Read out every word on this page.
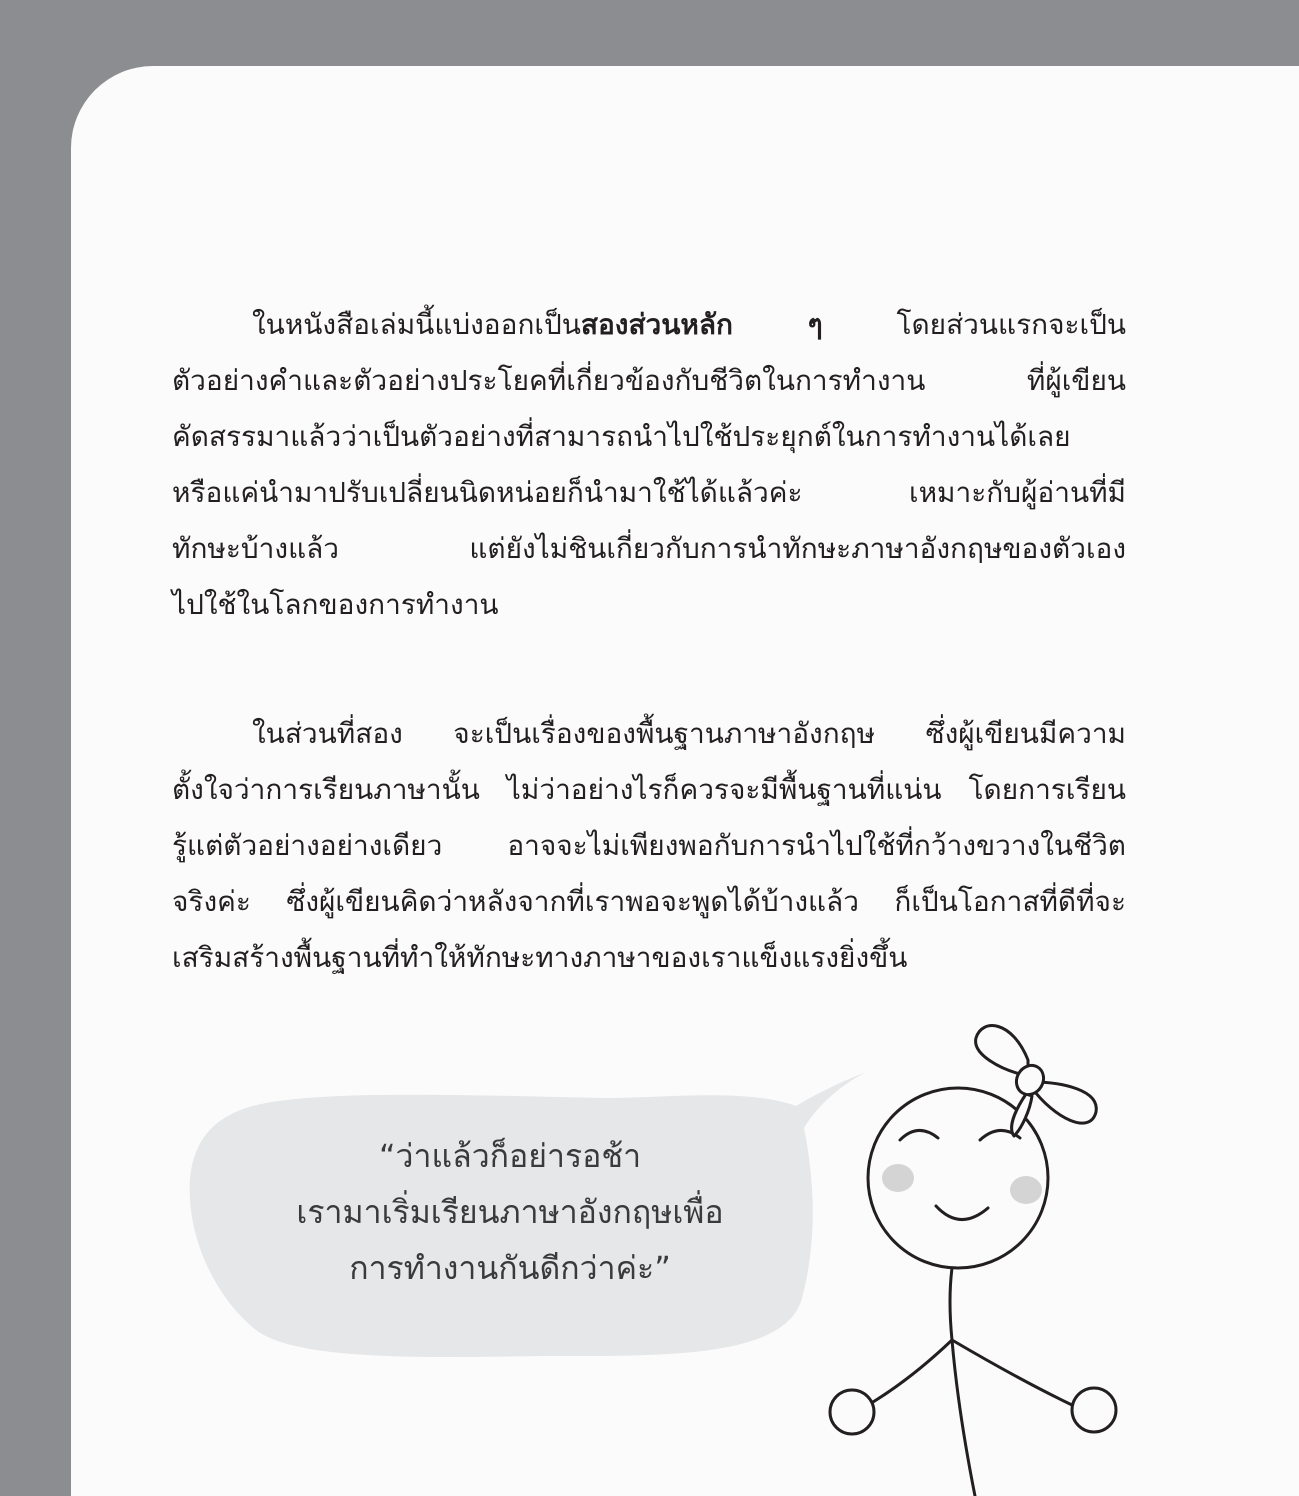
ในหนังสือเล่มนี้แบ่งออกเป็นสองส่วนหลัก ๆ โดยส่วนแรกจะเป็น
ตัวอย่างคำและตัวอย่างประโยคที่เกี่ยวข้องกับชีวิตในการทำงาน ที่ผู้เขียน
คัดสรรมาแล้วว่าเป็นตัวอย่างที่สามารถนำไปใช้ประยุกต์ในการทำงานได้เลย
หรือแค่นำมาปรับเปลี่ยนนิดหน่อยก็นำมาใช้ได้แล้วค่ะ เหมาะกับผู้อ่านที่มี
ทักษะบ้างแล้ว แต่ยังไม่ชินเกี่ยวกับการนำทักษะภาษาอังกฤษของตัวเอง
ไปใช้ในโลกของการทำงาน
ในส่วนที่สอง จะเป็นเรื่องของพื้นฐานภาษาอังกฤษ ซึ่งผู้เขียนมีความ
ตั้งใจว่าการเรียนภาษานั้น ไม่ว่าอย่างไรก็ควรจะมีพื้นฐานที่แน่น โดยการเรียน
รู้แต่ตัวอย่างอย่างเดียว อาจจะไม่เพียงพอกับการนำไปใช้ที่กว้างขวางในชีวิต
จริงค่ะ ซึ่งผู้เขียนคิดว่าหลังจากที่เราพอจะพูดได้บ้างแล้ว ก็เป็นโอกาสที่ดีที่จะ
เสริมสร้างพื้นฐานที่ทำให้ทักษะทางภาษาของเราแข็งแรงยิ่งขึ้น
“ว่าแล้วก็อย่ารอช้า
เรามาเริ่มเรียนภาษาอังกฤษเพื่อ
การทำงานกันดีกว่าค่ะ”
